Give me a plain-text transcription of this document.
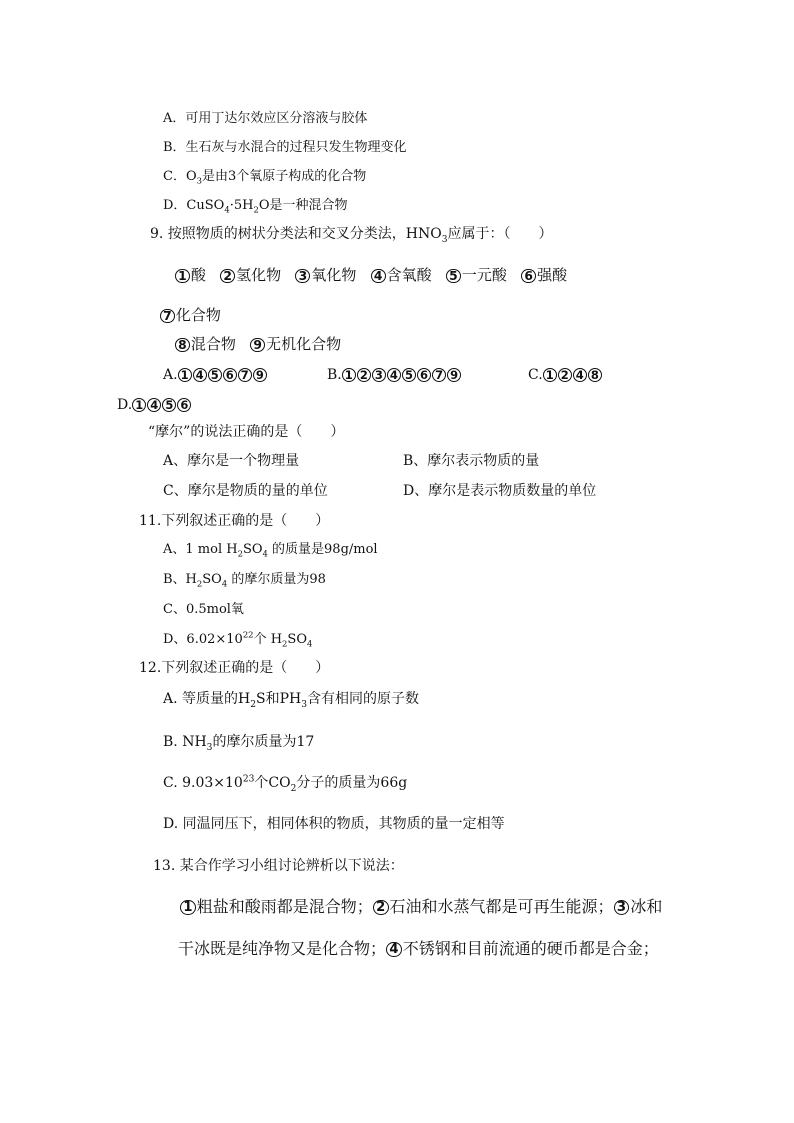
A．可用丁达尔效应区分溶液与胶体
B．生石灰与水混合的过程只发生物理变化
C．$O_3$是由3个氧原子构成的化合物
D．$CuSO_4\cdot 5H_2O$是一种混合物
9. 按照物质的树状分类法和交叉分类法，$HNO_3$应属于：（　　）
1 酸 2 氢化物 3 氧化物 4 含氧酸 5 一元酸 6 强酸
7 化合物
8 混合物 9 无机化合物
A. 1 4 5 6 7 9	B. 1 2 3 4 5 6 7 9	C. 1 2 4 8
D. 1 4 5 6
“摩尔”的说法正确的是（　　）
A、摩尔是一个物理量	B、摩尔表示物质的量
C、摩尔是物质的量的单位	D、摩尔是表示物质数量的单位
11.下列叙述正确的是（　　）
A、1 mol $H_2SO_4$ 的质量是98g/mol
B、$H_2SO_4$ 的摩尔质量为98
C、0.5mol氧
D、$6.02\times 10^{22}$个 $H_2SO_4$
12.下列叙述正确的是（　　）
A. 等质量的$H_2S$和$PH_3$含有相同的原子数
B. $NH_3$的摩尔质量为17
C. $9.03\times 10^{23}$个$CO_2$分子的质量为66g
D. 同温同压下，相同体积的物质，其物质的量一定相等
13. 某合作学习小组讨论辨析以下说法：
1 粗盐和酸雨都是混合物； 2 石油和水蒸气都是可再生能源； 3 冰和
干冰既是纯净物又是化合物； 4 不锈钢和目前流通的硬币都是合金；
